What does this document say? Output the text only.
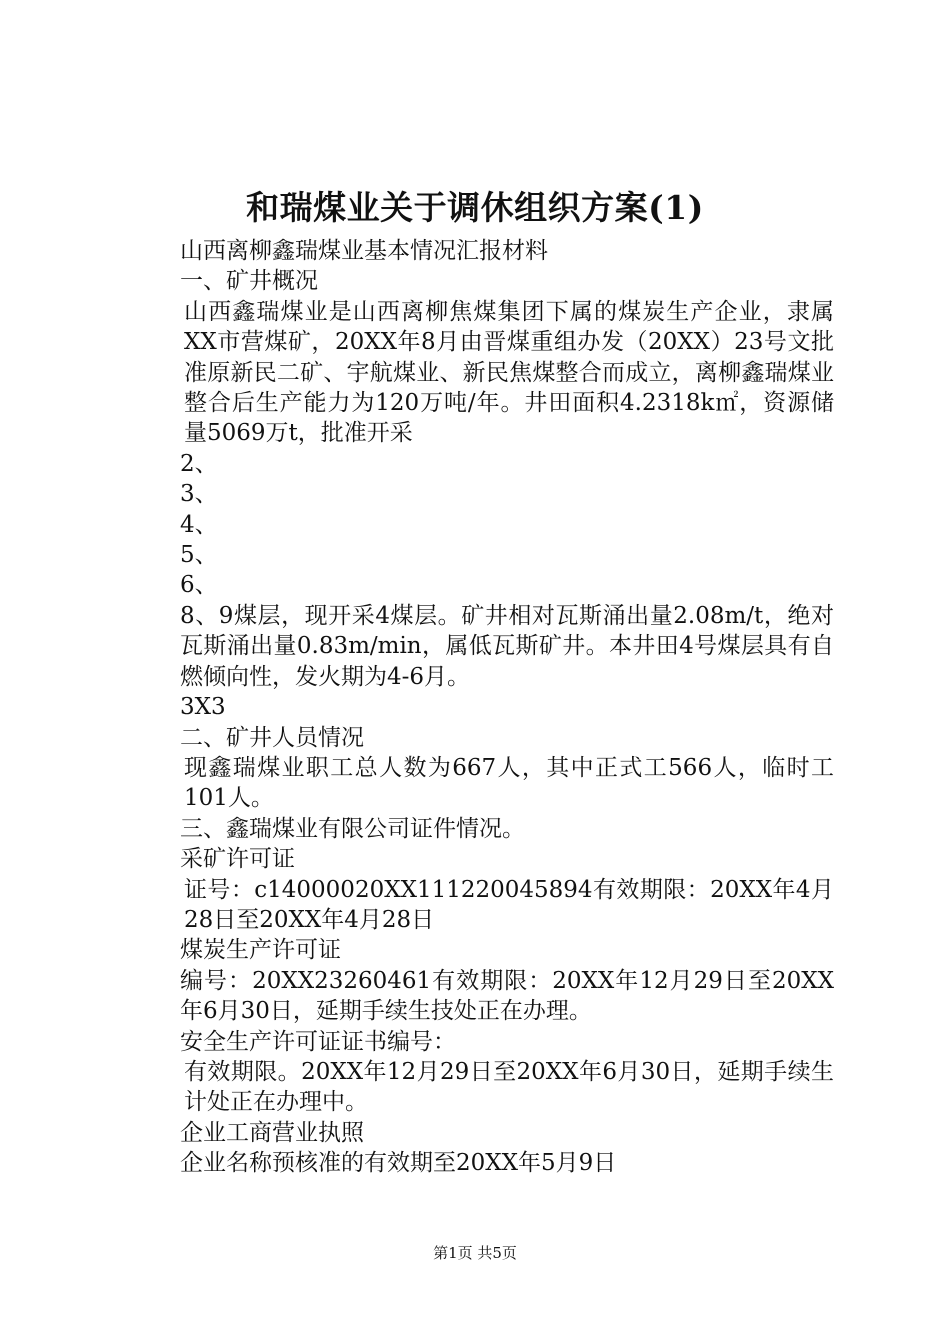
和瑞煤业关于调休组织方案(1)

山西离柳鑫瑞煤业基本情况汇报材料

一、矿井概况

山西鑫瑞煤业是山西离柳焦煤集团下属的煤炭生产企业，隶属XX市营煤矿，20XX年8月由晋煤重组办发（20XX）23号文批准原新民二矿、宇航煤业、新民焦煤整合而成立，离柳鑫瑞煤业整合后生产能力为120万吨/年。井田面积4.2318k㎡，资源储量5069万t，批准开采

2、

3、

4、

5、

6、

8、9煤层，现开采4煤层。矿井相对瓦斯涌出量2.08m/t，绝对瓦斯涌出量0.83m/min，属低瓦斯矿井。本井田4号煤层具有自燃倾向性，发火期为4-6月。

3X3

二、矿井人员情况

现鑫瑞煤业职工总人数为667人，其中正式工566人，临时工101人。

三、鑫瑞煤业有限公司证件情况。

采矿许可证

证号：c14000020XX111220045894有效期限：20XX年4月28日至20XX年4月28日

煤炭生产许可证

编号：20XX23260461有效期限：20XX年12月29日至20XX年6月30日，延期手续生技处正在办理。

安全生产许可证证书编号：

有效期限。20XX年12月29日至20XX年6月30日，延期手续生计处正在办理中。

企业工商营业执照

企业名称预核准的有效期至20XX年5月9日

第1页 共5页
